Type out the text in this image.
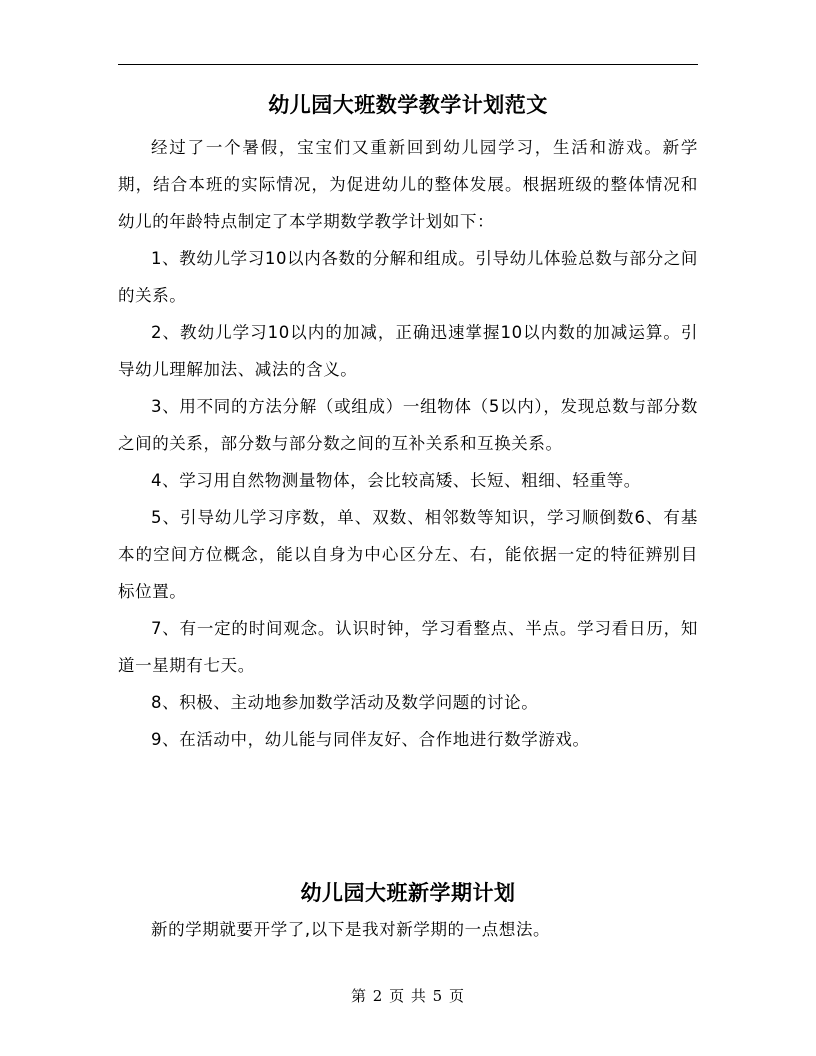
幼儿园大班数学教学计划范文

经过了一个暑假，宝宝们又重新回到幼儿园学习，生活和游戏。新学期，结合本班的实际情况，为促进幼儿的整体发展。根据班级的整体情况和幼儿的年龄特点制定了本学期数学教学计划如下：

1、教幼儿学习10以内各数的分解和组成。引导幼儿体验总数与部分之间的关系。

2、教幼儿学习10以内的加减，正确迅速掌握10以内数的加减运算。引导幼儿理解加法、减法的含义。

3、用不同的方法分解（或组成）一组物体（5以内），发现总数与部分数之间的关系，部分数与部分数之间的互补关系和互换关系。

4、学习用自然物测量物体，会比较高矮、长短、粗细、轻重等。

5、引导幼儿学习序数，单、双数、相邻数等知识，学习顺倒数6、有基本的空间方位概念，能以自身为中心区分左、右，能依据一定的特征辨别目标位置。

7、有一定的时间观念。认识时钟，学习看整点、半点。学习看日历，知道一星期有七天。

8、积极、主动地参加数学活动及数学问题的讨论。

9、在活动中，幼儿能与同伴友好、合作地进行数学游戏。

幼儿园大班新学期计划

新的学期就要开学了,以下是我对新学期的一点想法。

第 2 页 共 5 页
